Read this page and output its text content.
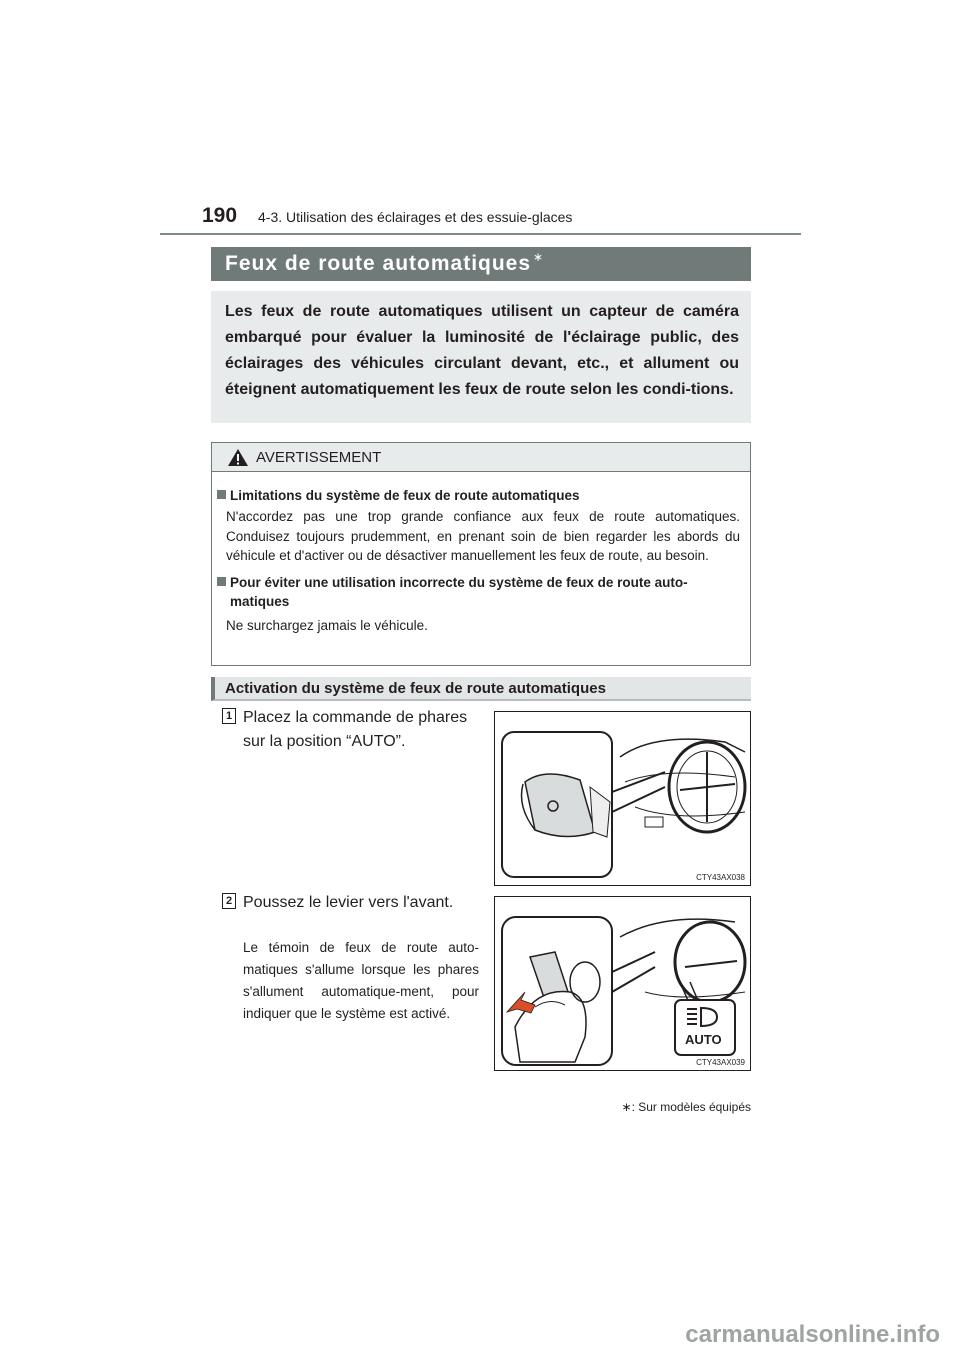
190 4-3. Utilisation des éclairages et des essuie-glaces
Feux de route automatiques ∗

Les feux de route automatiques utilisent un capteur de caméra embarqué pour évaluer la luminosité de l'éclairage public, des éclairages des véhicules circulant devant, etc., et allument ou éteignent automatiquement les feux de route selon les condi-tions.

AVERTISSEMENT
Limitations du système de feux de route automatiques

N'accordez pas une trop grande confiance aux feux de route automatiques. Conduisez toujours prudemment, en prenant soin de bien regarder les abords du véhicule et d'activer ou de désactiver manuellement les feux de route, au besoin.

Pour éviter une utilisation incorrecte du système de feux de route auto-matiques

Ne surchargez jamais le véhicule.

Activation du système de feux de route automatiques
1 Placez la commande de phares sur la position “AUTO”.
CTY43AX038
2 Poussez le levier vers l'avant.

Le témoin de feux de route auto-matiques s'allume lorsque les phares s'allument automatique-ment, pour indiquer que le système est activé.

AUTO
CTY43AX039
∗: Sur modèles équipés
carmanualsonline.info
